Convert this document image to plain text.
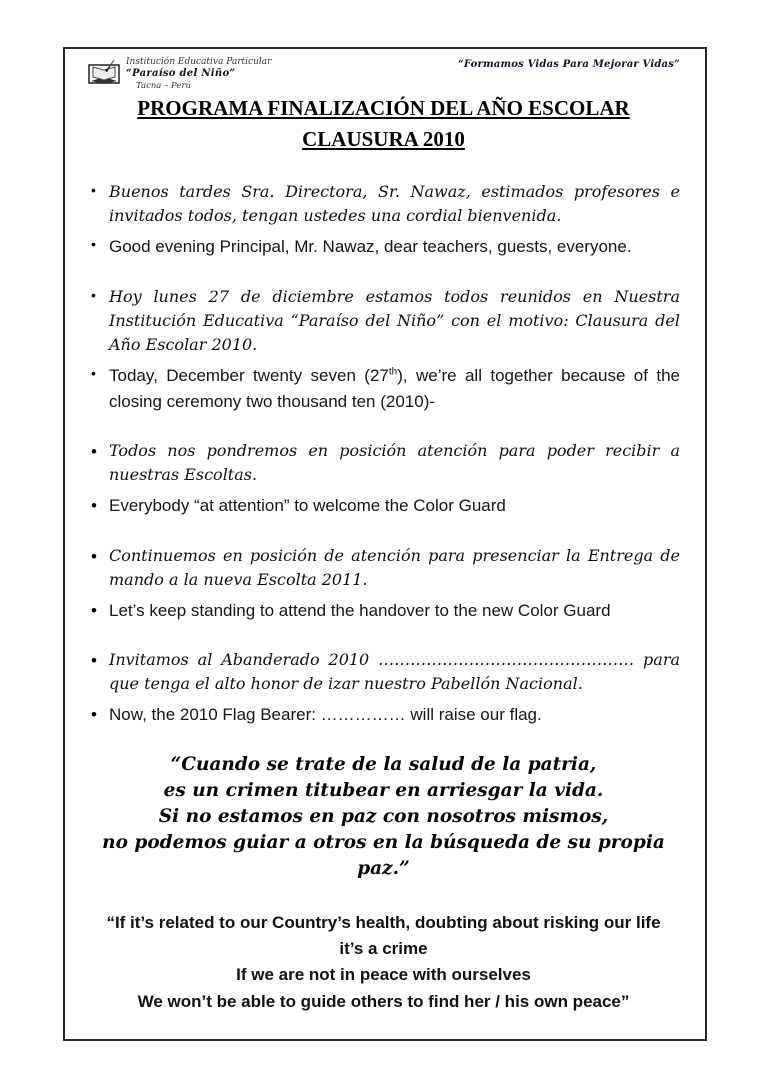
Institución Educativa Particular
“Paraíso del Niño”
Tacna – Perú
“Formamos Vidas Para Mejorar Vidas”
PROGRAMA FINALIZACIÓN DEL AÑO ESCOLAR
CLAUSURA 2010
• Buenos tardes Sra. Directora, Sr. Nawaz, estimados profesores e invitados todos, tengan ustedes una cordial bienvenida.
• Good evening Principal, Mr. Nawaz, dear teachers, guests, everyone.
• Hoy lunes 27 de diciembre estamos todos reunidos en Nuestra Institución Educativa “Paraíso del Niño” con el motivo: Clausura del Año Escolar 2010.
• Today, December twenty seven (27th), we’re all together because of the closing ceremony two thousand ten (2010)-
• Todos nos pondremos en posición atención para poder recibir a nuestras Escoltas.
• Everybody “at attention” to welcome the Color Guard
• Continuemos en posición de atención para presenciar la Entrega de mando a la nueva Escolta 2011.
• Let’s keep standing to attend the handover to the new Color Guard
• Invitamos al Abanderado 2010 ………………………………………… para que tenga el alto honor de izar nuestro Pabellón Nacional.
• Now, the 2010 Flag Bearer: …………… will raise our flag.
“Cuando se trate de la salud de la patria,
es un crimen titubear en arriesgar la vida.
Si no estamos en paz con nosotros mismos,
no podemos guiar a otros en la búsqueda de su propia paz.”
“If it’s related to our Country’s health, doubting about risking our life
it’s a crime
If we are not in peace with ourselves
We won’t be able to guide others to find her / his own peace”
